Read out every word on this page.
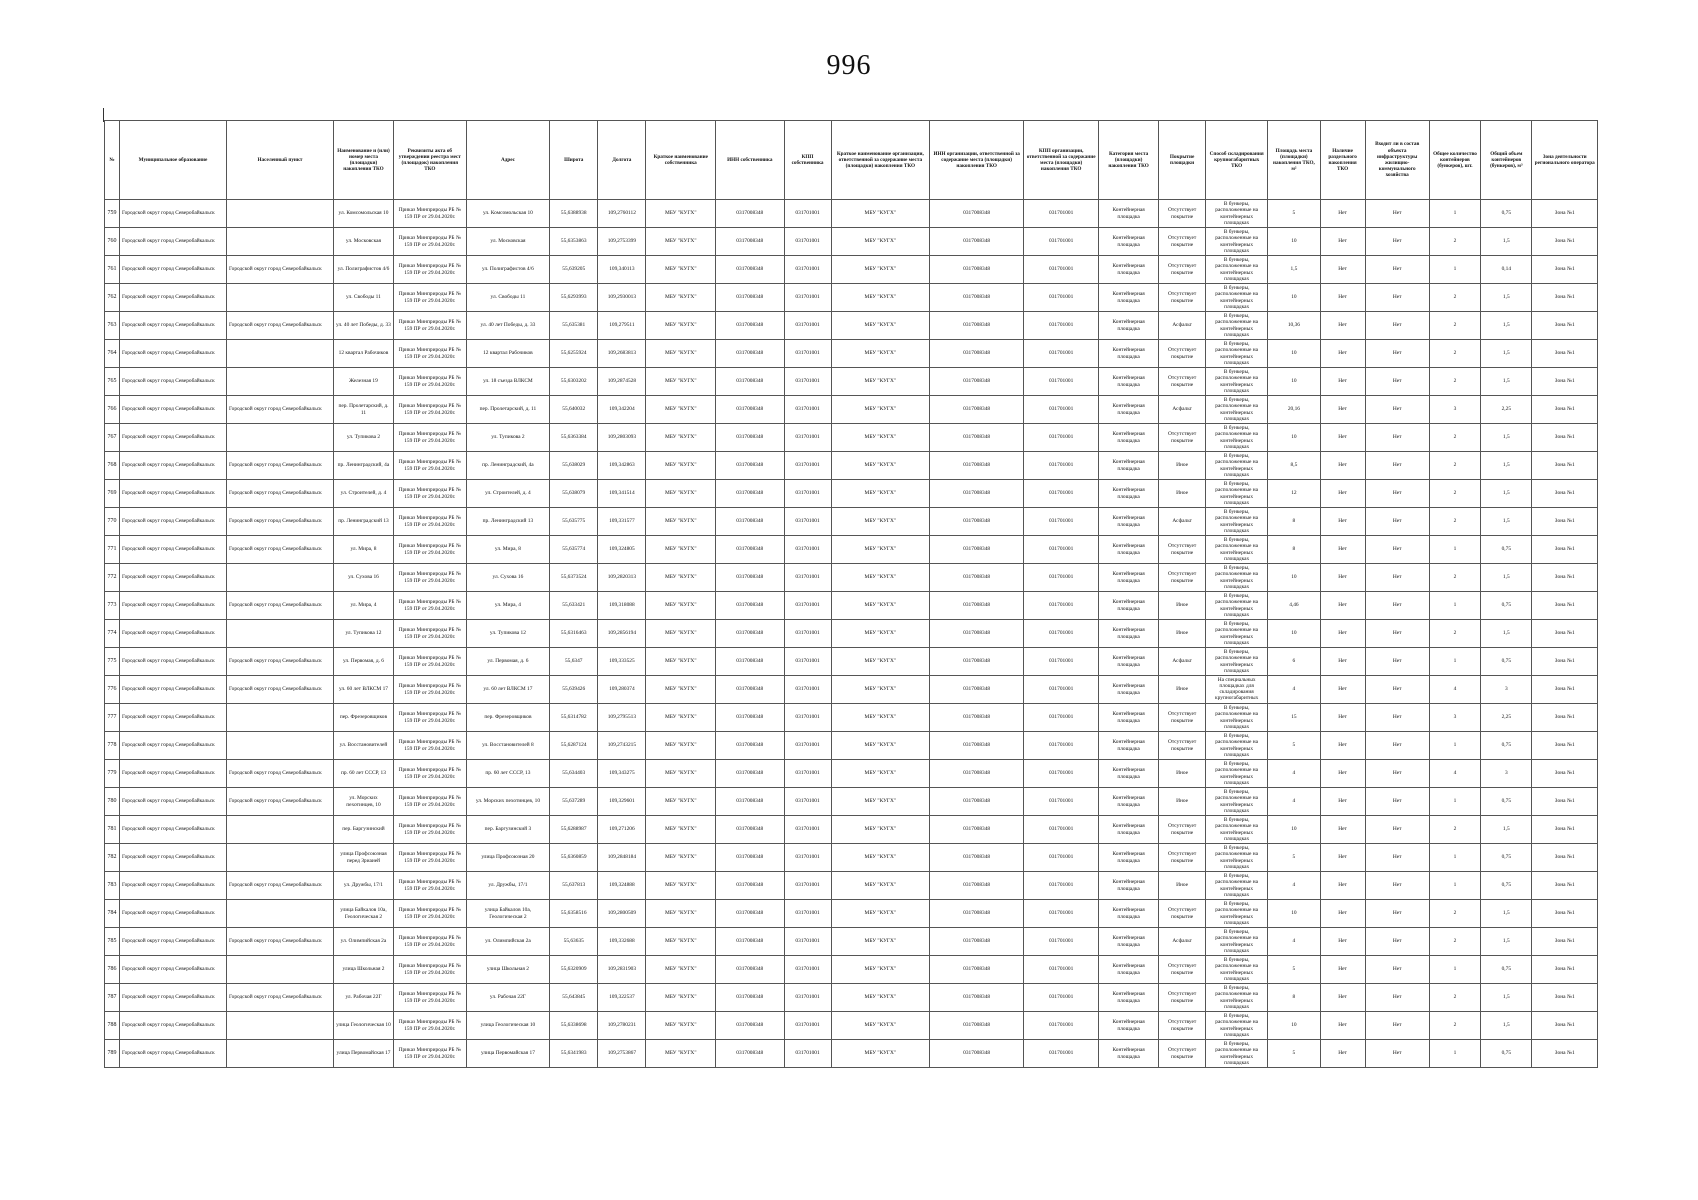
996
№	Муниципальное образование	Населенный пункт	Наименование и (или) номер места (площадки) накопления ТКО	Реквизиты акта об утверждении реестра мест (площадок) накопления ТКО	Адрес	Широта	Долгота	Краткое наименование собственника	ИНН собственника	КПП собственника	Краткое наименование организации, ответственной за содержание места (площадки) накопления ТКО	ИНН организации, ответственной за содержание места (площадки) накопления ТКО	КПП организации, ответственной за содержание места (площадки) накопления ТКО	Категория места (площадки) накопления ТКО	Покрытие площадки	Способ складирования крупногабаритных ТКО	Площадь места (площадки) накопления ТКО, м²	Наличие раздельного накопления ТКО	Входит ли в состав объекта инфраструктуры жилищно-коммунального хозяйства	Общее количество контейнеров (бункеров), шт.	Общий объем контейнеров (бункеров), м³	Зона деятельности регионального оператора

759	Городской округ город Северобайкальск		ул. Комсомольская 10	Приказ Минприроды РБ № 159 ПР от 29.04.2020г.	ул. Комсомольская 10	55,6388938	109,2760112	МБУ "КУГХ"	0317008348	031701001	МБУ "КУГХ"	0317008348	031701001	Контейнерная площадка	Отсутствует покрытие	В бункеры, расположенные на контейнерных площадках	5	Нет	Нет	1	0,75	Зона №1

760	Городской округ город Северобайкальск		ул. Московская	Приказ Минприроды РБ № 159 ПР от 29.04.2020г.	ул. Московская	55,6353863	109,2753399	МБУ "КУГХ"	0317008348	031701001	МБУ "КУГХ"	0317008348	031701001	Контейнерная площадка	Отсутствует покрытие	В бункеры, расположенные на контейнерных площадках	10	Нет	Нет	2	1,5	Зона №1

761	Городской округ город Северобайкальск	Городской округ город Северобайкальск	ул. Полиграфистов 4/6	Приказ Минприроды РБ № 159 ПР от 29.04.2020г.	ул. Полиграфистов 4/6	55,639205	109,340113	МБУ "КУГХ"	0317008348	031701001	МБУ "КУГХ"	0317008348	031701001	Контейнерная площадка	Отсутствует покрытие	В бункеры, расположенные на контейнерных площадках	1,5	Нет	Нет	1	0,14	Зона №1

762	Городской округ город Северобайкальск		ул. Свободы 11	Приказ Минприроды РБ № 159 ПР от 29.04.2020г.	ул. Свободы 11	55,6293993	109,2930013	МБУ "КУГХ"	0317008348	031701001	МБУ "КУГХ"	0317008348	031701001	Контейнерная площадка	Отсутствует покрытие	В бункеры, расположенные на контейнерных площадках	10	Нет	Нет	2	1,5	Зона №1

763	Городской округ город Северобайкальск	Городской округ город Северобайкальск	ул. 40 лет Победы, д. 33	Приказ Минприроды РБ № 159 ПР от 29.04.2020г.	ул. 40 лет Победы, д. 33	55,635381	109,279511	МБУ "КУГХ"	0317008348	031701001	МБУ "КУГХ"	0317008348	031701001	Контейнерная площадка	Асфальт	В бункеры, расположенные на контейнерных площадках	10,36	Нет	Нет	2	1,5	Зона №1

764	Городской округ город Северобайкальск		12 квартал Рабочиков	Приказ Минприроды РБ № 159 ПР от 29.04.2020г.	12 квартал Рабочиков	55,6255924	109,2683813	МБУ "КУГХ"	0317008348	031701001	МБУ "КУГХ"	0317008348	031701001	Контейнерная площадка	Отсутствует покрытие	В бункеры, расположенные на контейнерных площадках	10	Нет	Нет	2	1,5	Зона №1

765	Городской округ город Северобайкальск		Железная 19	Приказ Минприроды РБ № 159 ПР от 29.04.2020г.	ул. 18 съезда ВЛКСМ	55,6303202	109,2874528	МБУ "КУГХ"	0317008348	031701001	МБУ "КУГХ"	0317008348	031701001	Контейнерная площадка	Отсутствует покрытие	В бункеры, расположенные на контейнерных площадках	10	Нет	Нет	2	1,5	Зона №1

766	Городской округ город Северобайкальск	Городской округ город Северобайкальск	пер. Пролетарский, д. 11	Приказ Минприроды РБ № 159 ПР от 29.04.2020г.	пер. Пролетарский, д. 11	55,640032	109,342204	МБУ "КУГХ"	0317008348	031701001	МБУ "КУГХ"	0317008348	031701001	Контейнерная площадка	Асфальт	В бункеры, расположенные на контейнерных площадках	20,16	Нет	Нет	3	2,25	Зона №1

767	Городской округ город Северобайкальск		ул. Тупикова 2	Приказ Минприроды РБ № 159 ПР от 29.04.2020г.	ул. Тупикова 2	55,6363384	109,2803093	МБУ "КУГХ"	0317008348	031701001	МБУ "КУГХ"	0317008348	031701001	Контейнерная площадка	Отсутствует покрытие	В бункеры, расположенные на контейнерных площадках	10	Нет	Нет	2	1,5	Зона №1

768	Городской округ город Северобайкальск	Городской округ город Северобайкальск	пр. Ленинградский, 4а	Приказ Минприроды РБ № 159 ПР от 29.04.2020г.	пр. Ленинградский, 4а	55,638029	109,342863	МБУ "КУГХ"	0317008348	031701001	МБУ "КУГХ"	0317008348	031701001	Контейнерная площадка	Иное	В бункеры, расположенные на контейнерных площадках	8,5	Нет	Нет	2	1,5	Зона №1

769	Городской округ город Северобайкальск	Городской округ город Северобайкальск	ул. Строителей, д. 4	Приказ Минприроды РБ № 159 ПР от 29.04.2020г.	ул. Строителей, д. 4	55,638079	109,341514	МБУ "КУГХ"	0317008348	031701001	МБУ "КУГХ"	0317008348	031701001	Контейнерная площадка	Иное	В бункеры, расположенные на контейнерных площадках	12	Нет	Нет	2	1,5	Зона №1

770	Городской округ город Северобайкальск	Городской округ город Северобайкальск	пр. Ленинградский 13	Приказ Минприроды РБ № 159 ПР от 29.04.2020г.	пр. Ленинградский 13	55,635775	109,331577	МБУ "КУГХ"	0317008348	031701001	МБУ "КУГХ"	0317008348	031701001	Контейнерная площадка	Асфальт	В бункеры, расположенные на контейнерных площадках	8	Нет	Нет	2	1,5	Зона №1

771	Городской округ город Северобайкальск	Городской округ город Северобайкальск	ул. Мира, 8	Приказ Минприроды РБ № 159 ПР от 29.04.2020г.	ул. Мира, 8	55,635774	109,324805	МБУ "КУГХ"	0317008348	031701001	МБУ "КУГХ"	0317008348	031701001	Контейнерная площадка	Отсутствует покрытие	В бункеры, расположенные на контейнерных площадках	8	Нет	Нет	1	0,75	Зона №1

772	Городской округ город Северобайкальск		ул. Сухова 16	Приказ Минприроды РБ № 159 ПР от 29.04.2020г.	ул. Сухова 16	55,6373524	109,2820313	МБУ "КУГХ"	0317008348	031701001	МБУ "КУГХ"	0317008348	031701001	Контейнерная площадка	Отсутствует покрытие	В бункеры, расположенные на контейнерных площадках	10	Нет	Нет	2	1,5	Зона №1

773	Городской округ город Северобайкальск	Городской округ город Северобайкальск	ул. Мира, 4	Приказ Минприроды РБ № 159 ПР от 29.04.2020г.	ул. Мира, 4	55,633421	109,318088	МБУ "КУГХ"	0317008348	031701001	МБУ "КУГХ"	0317008348	031701001	Контейнерная площадка	Иное	В бункеры, расположенные на контейнерных площадках	4,46	Нет	Нет	1	0,75	Зона №1

774	Городской округ город Северобайкальск		ул. Тупикова 12	Приказ Минприроды РБ № 159 ПР от 29.04.2020г.	ул. Тупикова 12	55,6316463	109,2856194	МБУ "КУГХ"	0317008348	031701001	МБУ "КУГХ"	0317008348	031701001	Контейнерная площадка	Иное	В бункеры, расположенные на контейнерных площадках	10	Нет	Нет	2	1,5	Зона №1

775	Городской округ город Северобайкальск	Городской округ город Северобайкальск	ул. Первомая, д. 6	Приказ Минприроды РБ № 159 ПР от 29.04.2020г.	ул. Первомая, д. 6	55,6347	109,333525	МБУ "КУГХ"	0317008348	031701001	МБУ "КУГХ"	0317008348	031701001	Контейнерная площадка	Асфальт	В бункеры, расположенные на контейнерных площадках	6	Нет	Нет	1	0,75	Зона №1

776	Городской округ город Северобайкальск	Городской округ город Северобайкальск	ул. 60 лет ВЛКСМ 17	Приказ Минприроды РБ № 159 ПР от 29.04.2020г.	ул. 60 лет ВЛКСМ 17	55,639426	109,280374	МБУ "КУГХ"	0317008348	031701001	МБУ "КУГХ"	0317008348	031701001	Контейнерная площадка	Иное	На специальных площадках для складирования крупногабаритных	4	Нет	Нет	4	3	Зона №1

777	Городской округ город Северобайкальск		пер. Фрезеровщиков	Приказ Минприроды РБ № 159 ПР от 29.04.2020г.	пер. Фрезеровщиков	55,6314782	109,2795513	МБУ "КУГХ"	0317008348	031701001	МБУ "КУГХ"	0317008348	031701001	Контейнерная площадка	Отсутствует покрытие	В бункеры, расположенные на контейнерных площадках	15	Нет	Нет	3	2,25	Зона №1

778	Городской округ город Северобайкальск		ул. Восстановителей	Приказ Минприроды РБ № 159 ПР от 29.04.2020г.	ул. Восстановителей 8	55,6287124	109,2743215	МБУ "КУГХ"	0317008348	031701001	МБУ "КУГХ"	0317008348	031701001	Контейнерная площадка	Отсутствует покрытие	В бункеры, расположенные на контейнерных площадках	5	Нет	Нет	1	0,75	Зона №1

779	Городской округ город Северобайкальск	Городской округ город Северобайкальск	пр. 60 лет СССР, 13	Приказ Минприроды РБ № 159 ПР от 29.04.2020г.	пр. 60 лет СССР, 13	55,634403	109,343275	МБУ "КУГХ"	0317008348	031701001	МБУ "КУГХ"	0317008348	031701001	Контейнерная площадка	Иное	В бункеры, расположенные на контейнерных площадках	4	Нет	Нет	4	3	Зона №1

780	Городской округ город Северобайкальск	Городской округ город Северобайкальск	ул. Морских пехотинцев, 10	Приказ Минприроды РБ № 159 ПР от 29.04.2020г.	ул. Морских пехотинцев, 10	55,637289	109,329601	МБУ "КУГХ"	0317008348	031701001	МБУ "КУГХ"	0317008348	031701001	Контейнерная площадка	Иное	В бункеры, расположенные на контейнерных площадках	4	Нет	Нет	1	0,75	Зона №1

781	Городской округ город Северобайкальск		пер. Баргузинский	Приказ Минприроды РБ № 159 ПР от 29.04.2020г.	пер. Баргузинский 3	55,6288987	109,271206	МБУ "КУГХ"	0317008348	031701001	МБУ "КУГХ"	0317008348	031701001	Контейнерная площадка	Отсутствует покрытие	В бункеры, расположенные на контейнерных площадках	10	Нет	Нет	2	1,5	Зона №1

782	Городской округ город Северобайкальск		улица Профсоюзная перед Зриаией	Приказ Минприроды РБ № 159 ПР от 29.04.2020г.	улица Профсоюзная 20	55,6360859	109,2848184	МБУ "КУГХ"	0317008348	031701001	МБУ "КУГХ"	0317008348	031701001	Контейнерная площадка	Отсутствует покрытие	В бункеры, расположенные на контейнерных площадках	5	Нет	Нет	1	0,75	Зона №1

783	Городской округ город Северобайкальск	Городской округ город Северобайкальск	ул. Дружбы, 17/1	Приказ Минприроды РБ № 159 ПР от 29.04.2020г.	ул. Дружбы, 17/1	55,637813	109,324888	МБУ "КУГХ"	0317008348	031701001	МБУ "КУГХ"	0317008348	031701001	Контейнерная площадка	Иное	В бункеры, расположенные на контейнерных площадках	4	Нет	Нет	1	0,75	Зона №1

784	Городской округ город Северобайкальск		улица Байкалов 10а, Геологическая 2	Приказ Минприроды РБ № 159 ПР от 29.04.2020г.	улица Байкалов 10а, Геологическая 2	55,6358516	109,2800509	МБУ "КУГХ"	0317008348	031701001	МБУ "КУГХ"	0317008348	031701001	Контейнерная площадка	Отсутствует покрытие	В бункеры, расположенные на контейнерных площадках	10	Нет	Нет	2	1,5	Зона №1

785	Городской округ город Северобайкальск	Городской округ город Северобайкальск	ул. Олимпийская 2а	Приказ Минприроды РБ № 159 ПР от 29.04.2020г.	ул. Олимпийская 2а	55,63635	109,332688	МБУ "КУГХ"	0317008348	031701001	МБУ "КУГХ"	0317008348	031701001	Контейнерная площадка	Асфальт	В бункеры, расположенные на контейнерных площадках	4	Нет	Нет	2	1,5	Зона №1

786	Городской округ город Северобайкальск		улица Школьная 2	Приказ Минприроды РБ № 159 ПР от 29.04.2020г.	улица Школьная 2	55,6320909	109,2831903	МБУ "КУГХ"	0317008348	031701001	МБУ "КУГХ"	0317008348	031701001	Контейнерная площадка	Отсутствует покрытие	В бункеры, расположенные на контейнерных площадках	5	Нет	Нет	1	0,75	Зона №1

787	Городской округ город Северобайкальск	Городской округ город Северобайкальск	ул. Рабочая 22Г	Приказ Минприроды РБ № 159 ПР от 29.04.2020г.	ул. Рабочая 22Г	55,643845	109,322537	МБУ "КУГХ"	0317008348	031701001	МБУ "КУГХ"	0317008348	031701001	Контейнерная площадка	Отсутствует покрытие	В бункеры, расположенные на контейнерных площадках	8	Нет	Нет	2	1,5	Зона №1

788	Городской округ город Северобайкальск		улица Геологическая 10	Приказ Минприроды РБ № 159 ПР от 29.04.2020г.	улица Геологическая 10	55,6338698	109,2780231	МБУ "КУГХ"	0317008348	031701001	МБУ "КУГХ"	0317008348	031701001	Контейнерная площадка	Отсутствует покрытие	В бункеры, расположенные на контейнерных площадках	10	Нет	Нет	2	1,5	Зона №1

789	Городской округ город Северобайкальск		улица Первомайская 17	Приказ Минприроды РБ № 159 ПР от 29.04.2020г.	улица Первомайская 17	55,6341983	109,2753867	МБУ "КУГХ"	0317008348	031701001	МБУ "КУГХ"	0317008348	031701001	Контейнерная площадка	Отсутствует покрытие	В бункеры, расположенные на контейнерных площадках	5	Нет	Нет	1	0,75	Зона №1
